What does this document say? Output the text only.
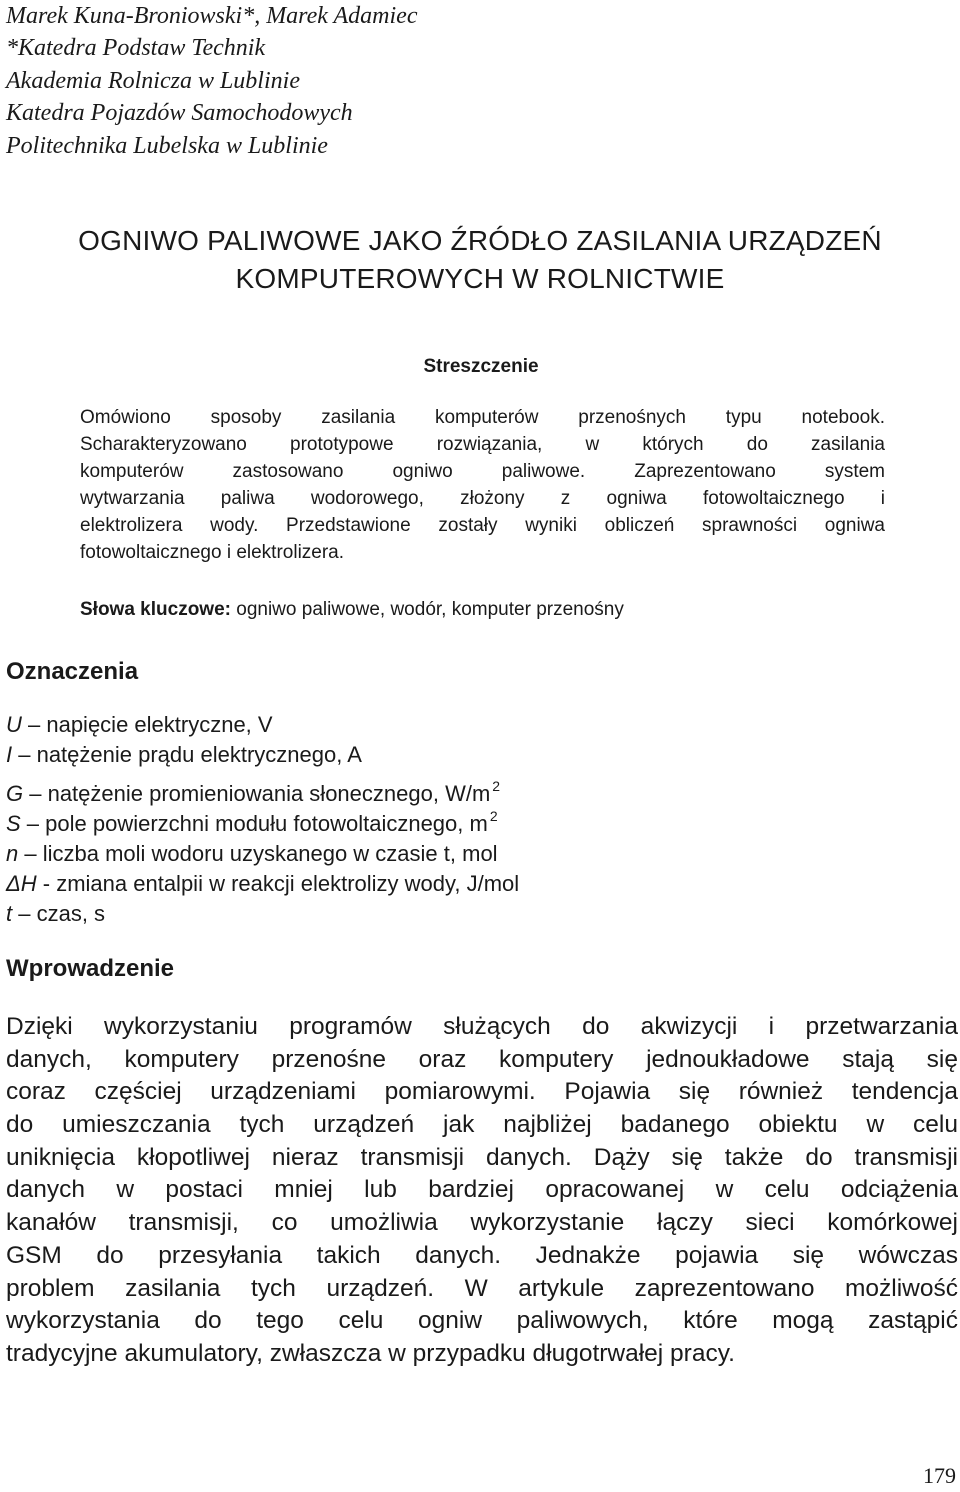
Marek Kuna-Broniowski*, Marek Adamiec
*Katedra Podstaw Technik
Akademia Rolnicza w Lublinie
Katedra Pojazdów Samochodowych
Politechnika Lubelska w Lublinie
OGNIWO PALIWOWE JAKO ŹRÓDŁO ZASILANIA URZĄDZEŃ
KOMPUTEROWYCH W ROLNICTWIE
Streszczenie
Omówiono sposoby zasilania komputerów przenośnych typu notebook.
Scharakteryzowano prototypowe rozwiązania, w których do zasilania
komputerów zastosowano ogniwo paliwowe. Zaprezentowano system
wytwarzania paliwa wodorowego, złożony z ogniwa fotowoltaicznego i
elektrolizera wody. Przedstawione zostały wyniki obliczeń sprawności ogniwa
fotowoltaicznego i elektrolizera.
Słowa kluczowe: ogniwo paliwowe, wodór, komputer przenośny
Oznaczenia
U – napięcie elektryczne, V
I – natężenie prądu elektrycznego, A
G – natężenie promieniowania słonecznego, W/m $^2$
S – pole powierzchni modułu fotowoltaicznego, m $^2$
n – liczba moli wodoru uzyskanego w czasie t, mol
ΔH - zmiana entalpii w reakcji elektrolizy wody, J/mol
t – czas, s
Wprowadzenie
Dzięki wykorzystaniu programów służących do akwizycji i przetwarzania
danych, komputery przenośne oraz komputery jednoukładowe stają się
coraz częściej urządzeniami pomiarowymi. Pojawia się również tendencja
do umieszczania tych urządzeń jak najbliżej badanego obiektu w celu
uniknięcia kłopotliwej nieraz transmisji danych. Dąży się także do transmisji
danych w postaci mniej lub bardziej opracowanej w celu odciążenia
kanałów transmisji, co umożliwia wykorzystanie łączy sieci komórkowej
GSM do przesyłania takich danych. Jednakże pojawia się wówczas
problem zasilania tych urządzeń. W artykule zaprezentowano możliwość
wykorzystania do tego celu ogniw paliwowych, które mogą zastąpić
tradycyjne akumulatory, zwłaszcza w przypadku długotrwałej pracy.
179
